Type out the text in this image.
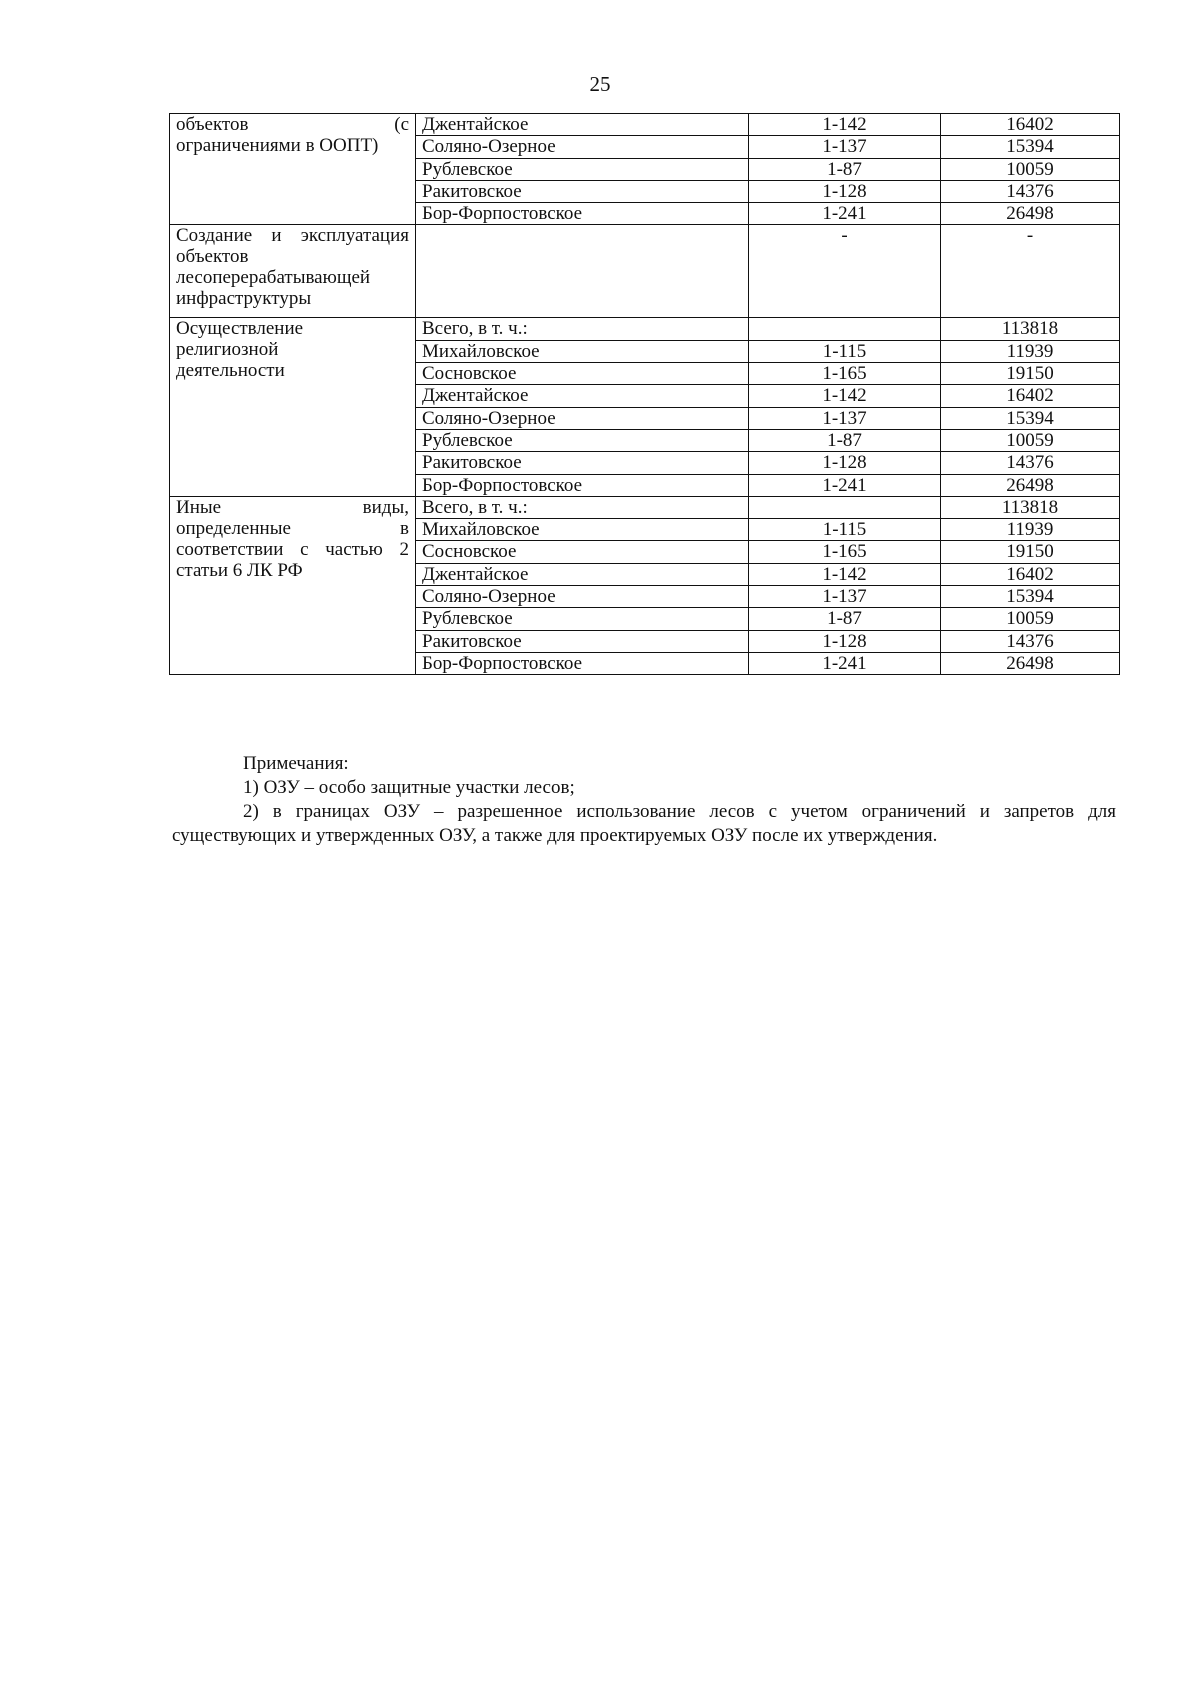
25
объектов (с
ограничениями в ООПТ)	Джентайское	1-142	16402
	Соляно-Озерное	1-137	15394
	Рублевское	1-87	10059
	Ракитовское	1-128	14376
	Бор-Форпостовское	1-241	26498

Создание и эксплуатация
объектов
лесоперерабатывающей
инфраструктуры		-	-

Осуществление
религиозной
деятельности	Всего, в т. ч.:		113818
	Михайловское	1-115	11939
	Сосновское	1-165	19150
	Джентайское	1-142	16402
	Соляно-Озерное	1-137	15394
	Рублевское	1-87	10059
	Ракитовское	1-128	14376
	Бор-Форпостовское	1-241	26498

Иные виды,
определенные в
соответствии с частью 2
статьи 6 ЛК РФ	Всего, в т. ч.:		113818
	Михайловское	1-115	11939
	Сосновское	1-165	19150
	Джентайское	1-142	16402
	Соляно-Озерное	1-137	15394
	Рублевское	1-87	10059
	Ракитовское	1-128	14376
	Бор-Форпостовское	1-241	26498
Примечания:
1) ОЗУ – особо защитные участки лесов;
2) в границах ОЗУ – разрешенное использование лесов с учетом ограничений и запретов для существующих и утвержденных ОЗУ, а также для проектируемых ОЗУ после их утверждения.
